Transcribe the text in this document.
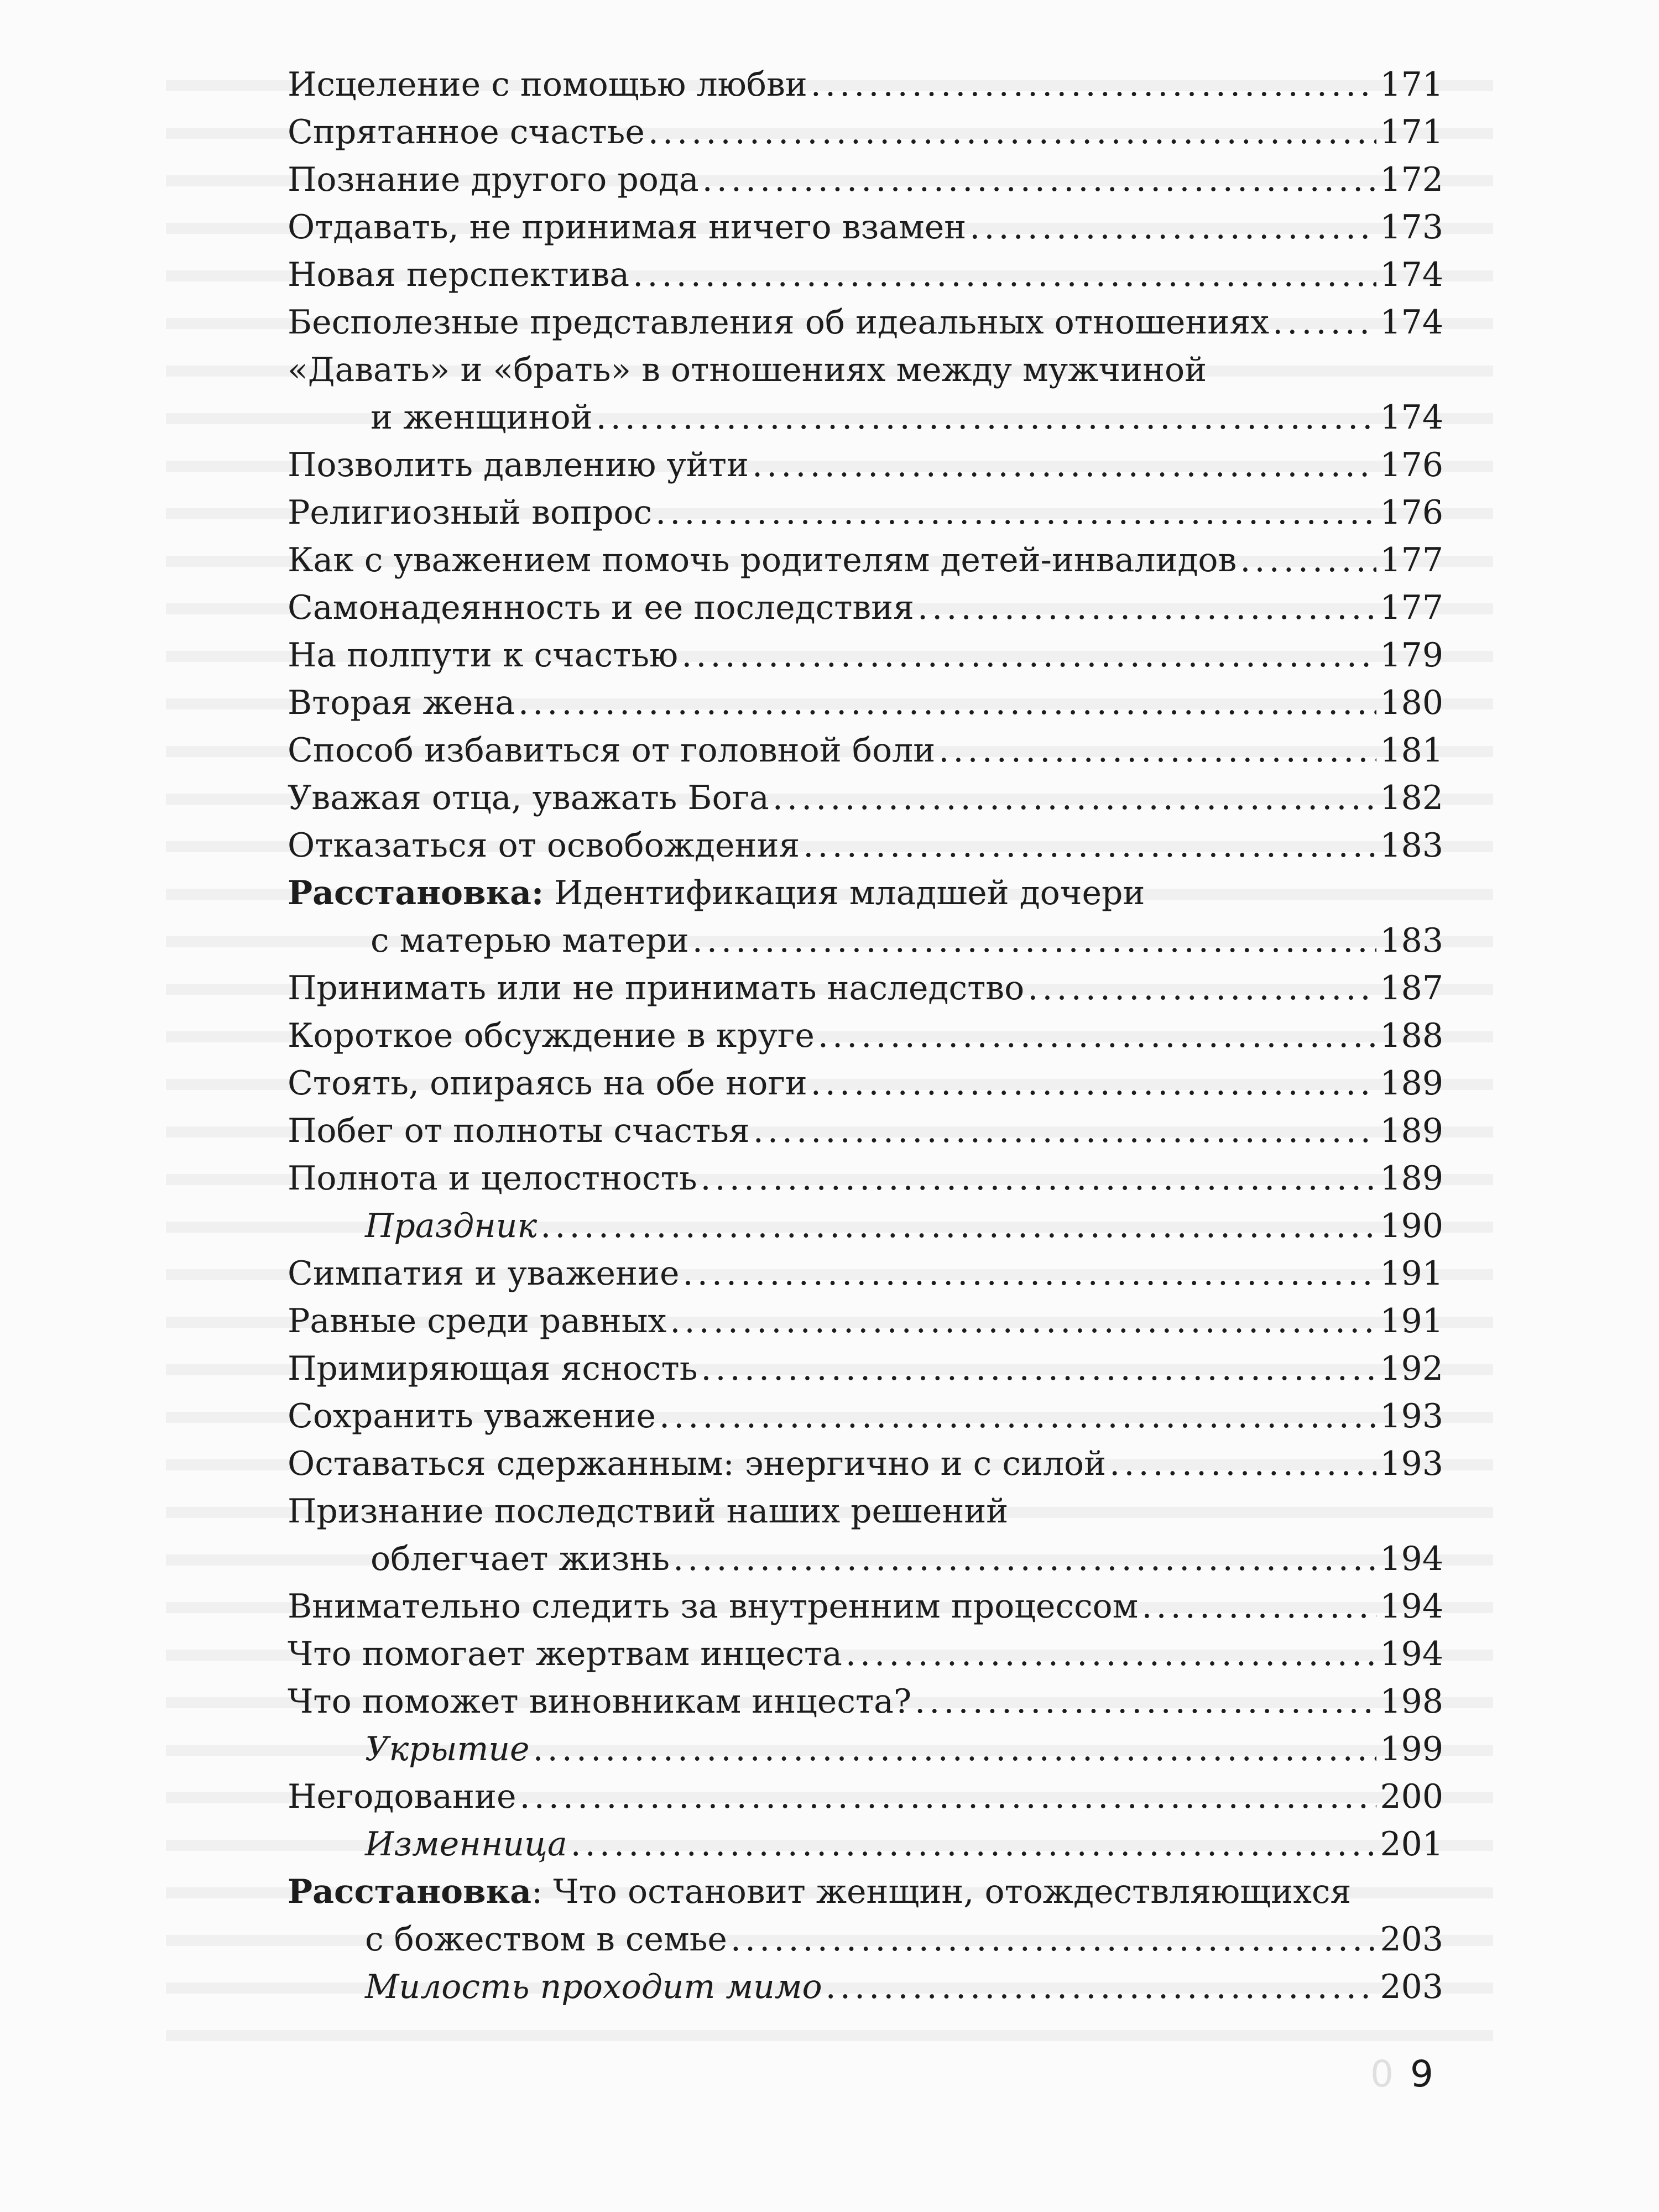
Исцеление с помощью любви . . .	171
Спрятанное счастье . . .	171
Познание другого рода . . .	172
Отдавать, не принимая ничего взамен . . .	173
Новая перспектива . . .	174
Бесполезные представления об идеальных отношениях . . .	174
«Давать» и «брать» в отношениях между мужчиной
и женщиной . . .	174
Позволить давлению уйти . . .	176
Религиозный вопрос . . .	176
Как с уважением помочь родителям детей-инвалидов . . .	177
Самонадеянность и ее последствия . . .	177
На полпути к счастью . . .	179
Вторая жена . . .	180
Способ избавиться от головной боли . . .	181
Уважая отца, уважать Бога . . .	182
Отказаться от освобождения . . .	183
Расстановка: Идентификация младшей дочери
с матерью матери . . .	183
Принимать или не принимать наследство . . .	187
Короткое обсуждение в круге . . .	188
Стоять, опираясь на обе ноги . . .	189
Побег от полноты счастья . . .	189
Полнота и целостность . . .	189
Праздник . . .	190
Симпатия и уважение . . .	191
Равные среди равных . . .	191
Примиряющая ясность . . .	192
Сохранить уважение . . .	193
Оставаться сдержанным: энергично и с силой . . .	193
Признание последствий наших решений
облегчает жизнь . . .	194
Внимательно следить за внутренним процессом . . .	194
Что помогает жертвам инцеста . . .	194
Что поможет виновникам инцеста? . . .	198
Укрытие . . .	199
Негодование . . .	200
Изменница . . .	201
Расстановка: Что остановит женщин, отождествляющихся
с божеством в семье . . .	203
Милость проходит мимо . . .	203
0 9
